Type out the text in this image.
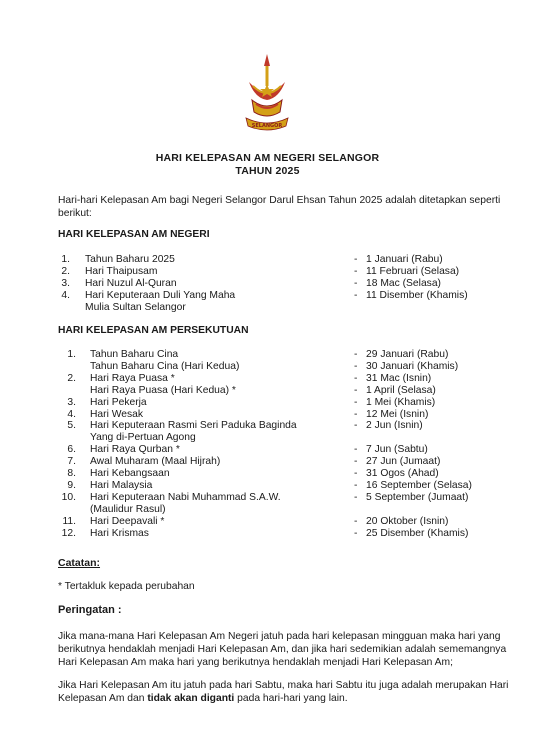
SELANGOR
HARI KELEPASAN AM NEGERI SELANGOR
TAHUN 2025
Hari-hari Kelepasan Am bagi Negeri Selangor Darul Ehsan Tahun 2025 adalah ditetapkan seperti berikut:
HARI KELEPASAN AM NEGERI
1. Tahun Baharu 2025	- 1 Januari (Rabu)
2. Hari Thaipusam	- 11 Februari (Selasa)
3. Hari Nuzul Al-Quran	- 18 Mac (Selasa)
4. Hari Keputeraan Duli Yang Maha	- 11 Disember (Khamis)
Mulia Sultan Selangor
HARI KELEPASAN AM PERSEKUTUAN
1. Tahun Baharu Cina	- 29 Januari (Rabu)
Tahun Baharu Cina (Hari Kedua)	- 30 Januari (Khamis)
2. Hari Raya Puasa *	- 31 Mac (Isnin)
Hari Raya Puasa (Hari Kedua) *	- 1 April (Selasa)
3. Hari Pekerja	- 1 Mei (Khamis)
4. Hari Wesak	- 12 Mei (Isnin)
5. Hari Keputeraan Rasmi Seri Paduka Baginda	- 2 Jun (Isnin)
Yang di-Pertuan Agong
6. Hari Raya Qurban *	- 7 Jun (Sabtu)
7. Awal Muharam (Maal Hijrah)	- 27 Jun (Jumaat)
8. Hari Kebangsaan	- 31 Ogos (Ahad)
9. Hari Malaysia	- 16 September (Selasa)
10. Hari Keputeraan Nabi Muhammad S.A.W.	- 5 September (Jumaat)
(Maulidur Rasul)
11. Hari Deepavali *	- 20 Oktober (Isnin)
12. Hari Krismas	- 25 Disember (Khamis)
Catatan:
* Tertakluk kepada perubahan
Peringatan :
Jika mana-mana Hari Kelepasan Am Negeri jatuh pada hari kelepasan mingguan maka hari yang berikutnya hendaklah menjadi Hari Kelepasan Am, dan jika hari sedemikian adalah sememangnya Hari Kelepasan Am maka hari yang berikutnya hendaklah menjadi Hari Kelepasan Am;
Jika Hari Kelepasan Am itu jatuh pada hari Sabtu, maka hari Sabtu itu juga adalah merupakan Hari Kelepasan Am dan tidak akan diganti pada hari-hari yang lain.
